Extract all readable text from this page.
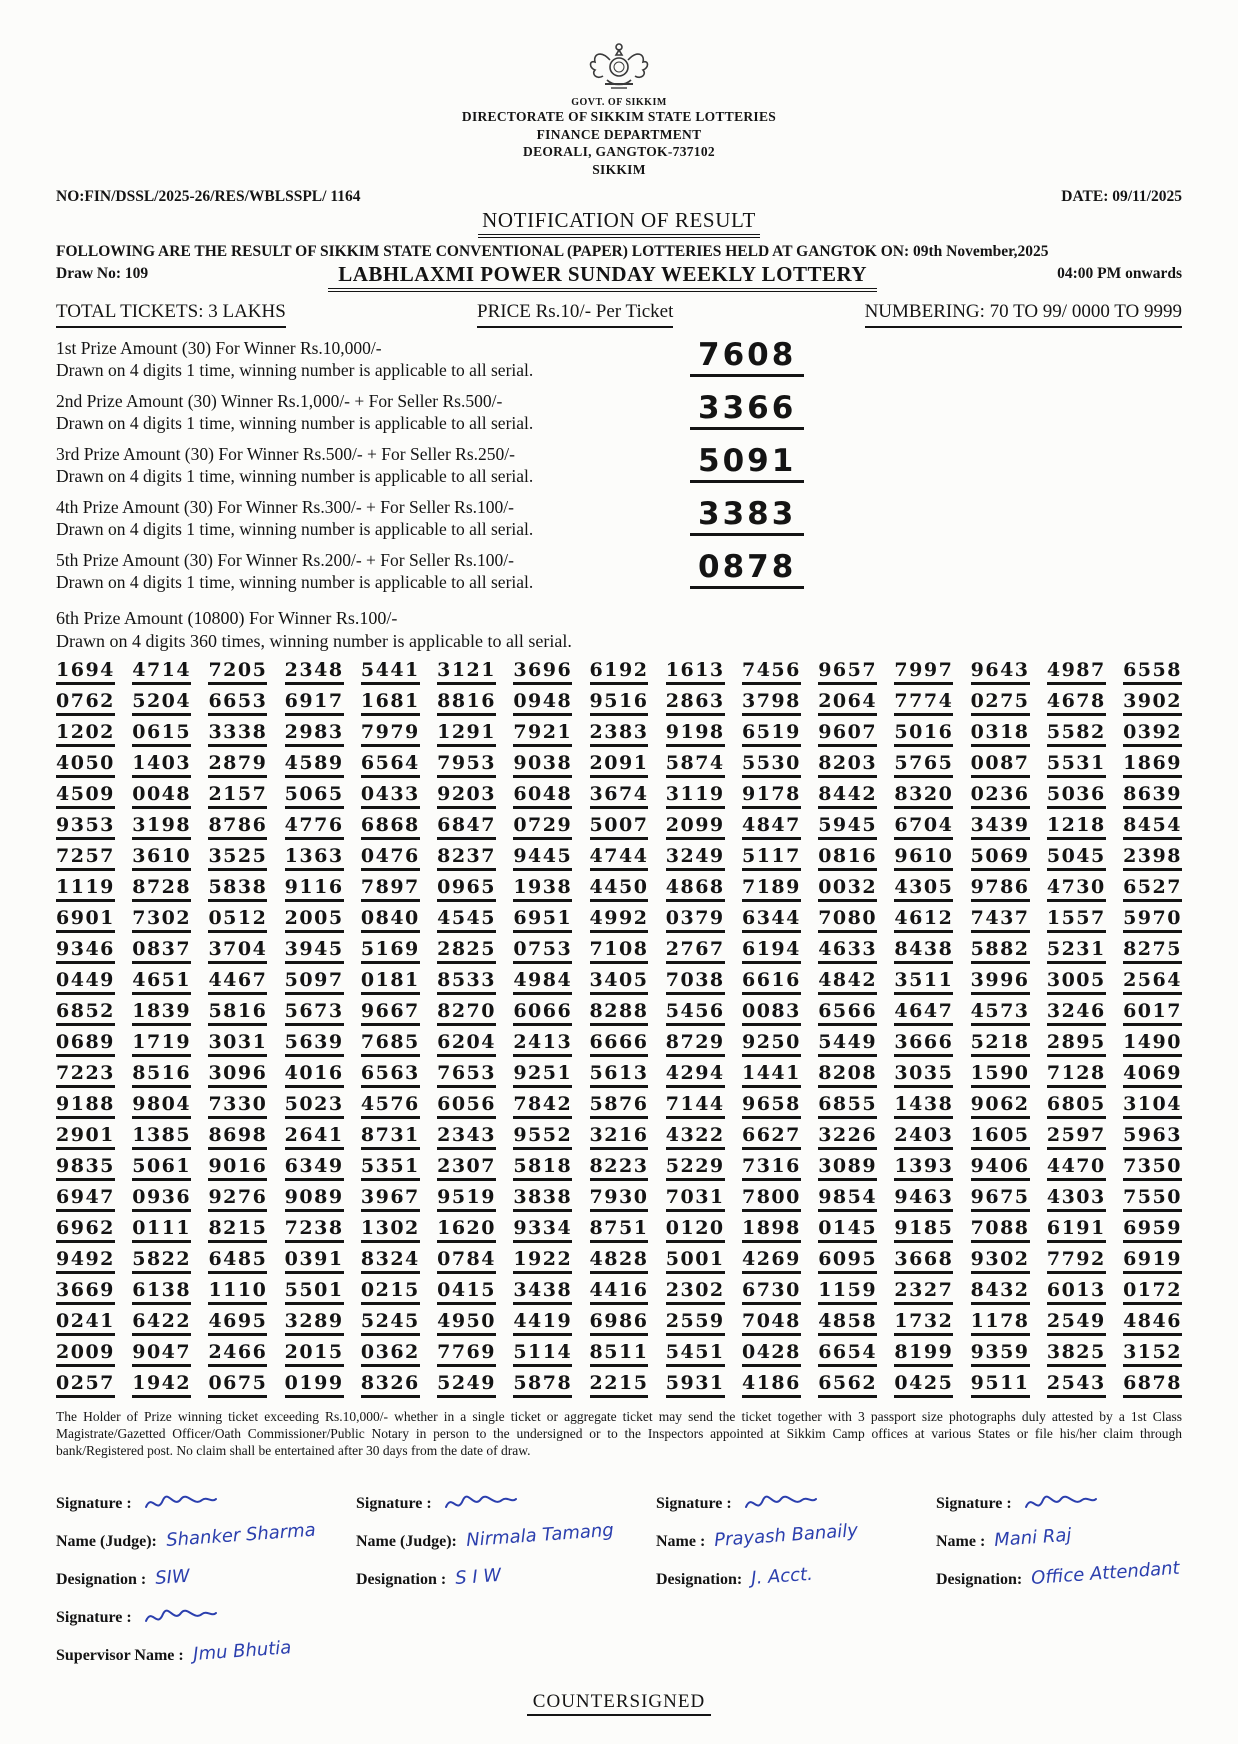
GOVT. OF SIKKIM
DIRECTORATE OF SIKKIM STATE LOTTERIES
FINANCE DEPARTMENT
DEORALI, GANGTOK-737102
SIKKIM
NO:FIN/DSSL/2025-26/RES/WBLSSPL/ 1164	DATE: 09/11/2025
NOTIFICATION OF RESULT
FOLLOWING ARE THE RESULT OF SIKKIM STATE CONVENTIONAL (PAPER) LOTTERIES HELD AT GANGTOK ON: 09th November,2025
Draw No: 109	LABHLAXMI POWER SUNDAY WEEKLY LOTTERY	04:00 PM onwards
TOTAL TICKETS: 3 LAKHS	PRICE Rs.10/- Per Ticket	NUMBERING: 70 TO 99/ 0000 TO 9999
1st Prize Amount (30) For Winner Rs.10,000/-
Drawn on 4 digits 1 time, winning number is applicable to all serial.	7608
2nd Prize Amount (30) Winner Rs.1,000/- + For Seller Rs.500/-
Drawn on 4 digits 1 time, winning number is applicable to all serial.	3366
3rd Prize Amount (30) For Winner Rs.500/- + For Seller Rs.250/-
Drawn on 4 digits 1 time, winning number is applicable to all serial.	5091
4th Prize Amount (30) For Winner Rs.300/- + For Seller Rs.100/-
Drawn on 4 digits 1 time, winning number is applicable to all serial.	3383
5th Prize Amount (30) For Winner Rs.200/- + For Seller Rs.100/-
Drawn on 4 digits 1 time, winning number is applicable to all serial.	0878
6th Prize Amount (10800) For Winner Rs.100/-
Drawn on 4 digits 360 times, winning number is applicable to all serial.
1694 4714 7205 2348 5441 3121 3696 6192 1613 7456 9657 7997 9643 4987 6558
0762 5204 6653 6917 1681 8816 0948 9516 2863 3798 2064 7774 0275 4678 3902
1202 0615 3338 2983 7979 1291 7921 2383 9198 6519 9607 5016 0318 5582 0392
4050 1403 2879 4589 6564 7953 9038 2091 5874 5530 8203 5765 0087 5531 1869
4509 0048 2157 5065 0433 9203 6048 3674 3119 9178 8442 8320 0236 5036 8639
9353 3198 8786 4776 6868 6847 0729 5007 2099 4847 5945 6704 3439 1218 8454
7257 3610 3525 1363 0476 8237 9445 4744 3249 5117 0816 9610 5069 5045 2398
1119 8728 5838 9116 7897 0965 1938 4450 4868 7189 0032 4305 9786 4730 6527
6901 7302 0512 2005 0840 4545 6951 4992 0379 6344 7080 4612 7437 1557 5970
9346 0837 3704 3945 5169 2825 0753 7108 2767 6194 4633 8438 5882 5231 8275
0449 4651 4467 5097 0181 8533 4984 3405 7038 6616 4842 3511 3996 3005 2564
6852 1839 5816 5673 9667 8270 6066 8288 5456 0083 6566 4647 4573 3246 6017
0689 1719 3031 5639 7685 6204 2413 6666 8729 9250 5449 3666 5218 2895 1490
7223 8516 3096 4016 6563 7653 9251 5613 4294 1441 8208 3035 1590 7128 4069
9188 9804 7330 5023 4576 6056 7842 5876 7144 9658 6855 1438 9062 6805 3104
2901 1385 8698 2641 8731 2343 9552 3216 4322 6627 3226 2403 1605 2597 5963
9835 5061 9016 6349 5351 2307 5818 8223 5229 7316 3089 1393 9406 4470 7350
6947 0936 9276 9089 3967 9519 3838 7930 7031 7800 9854 9463 9675 4303 7550
6962 0111 8215 7238 1302 1620 9334 8751 0120 1898 0145 9185 7088 6191 6959
9492 5822 6485 0391 8324 0784 1922 4828 5001 4269 6095 3668 9302 7792 6919
3669 6138 1110 5501 0215 0415 3438 4416 2302 6730 1159 2327 8432 6013 0172
0241 6422 4695 3289 5245 4950 4419 6986 2559 7048 4858 1732 1178 2549 4846
2009 9047 2466 2015 0362 7769 5114 8511 5451 0428 6654 8199 9359 3825 3152
0257 1942 0675 0199 8326 5249 5878 2215 5931 4186 6562 0425 9511 2543 6878

The Holder of Prize winning ticket exceeding Rs.10,000/- whether in a single ticket or aggregate ticket may send the ticket together with 3 passport size photographs duly attested by a 1st Class Magistrate/Gazetted Officer/Oath Commissioner/Public Notary in person to the undersigned or to the Inspectors appointed at Sikkim Camp offices at various States or file his/her claim through bank/Registered post. No claim shall be entertained after 30 days from the date of draw.

Signature :
Name (Judge): Shanker Sharma
Designation : SIW
Signature :
Supervisor Name : Jmu Bhutia
Signature :
Name (Judge): Nirmala Tamang
Designation : S I W
Signature :
Name : Prayash Banaily
Designation: J. Acct.
Signature :
Name : Mani Raj
Designation: Office Attendant
COUNTERSIGNED
